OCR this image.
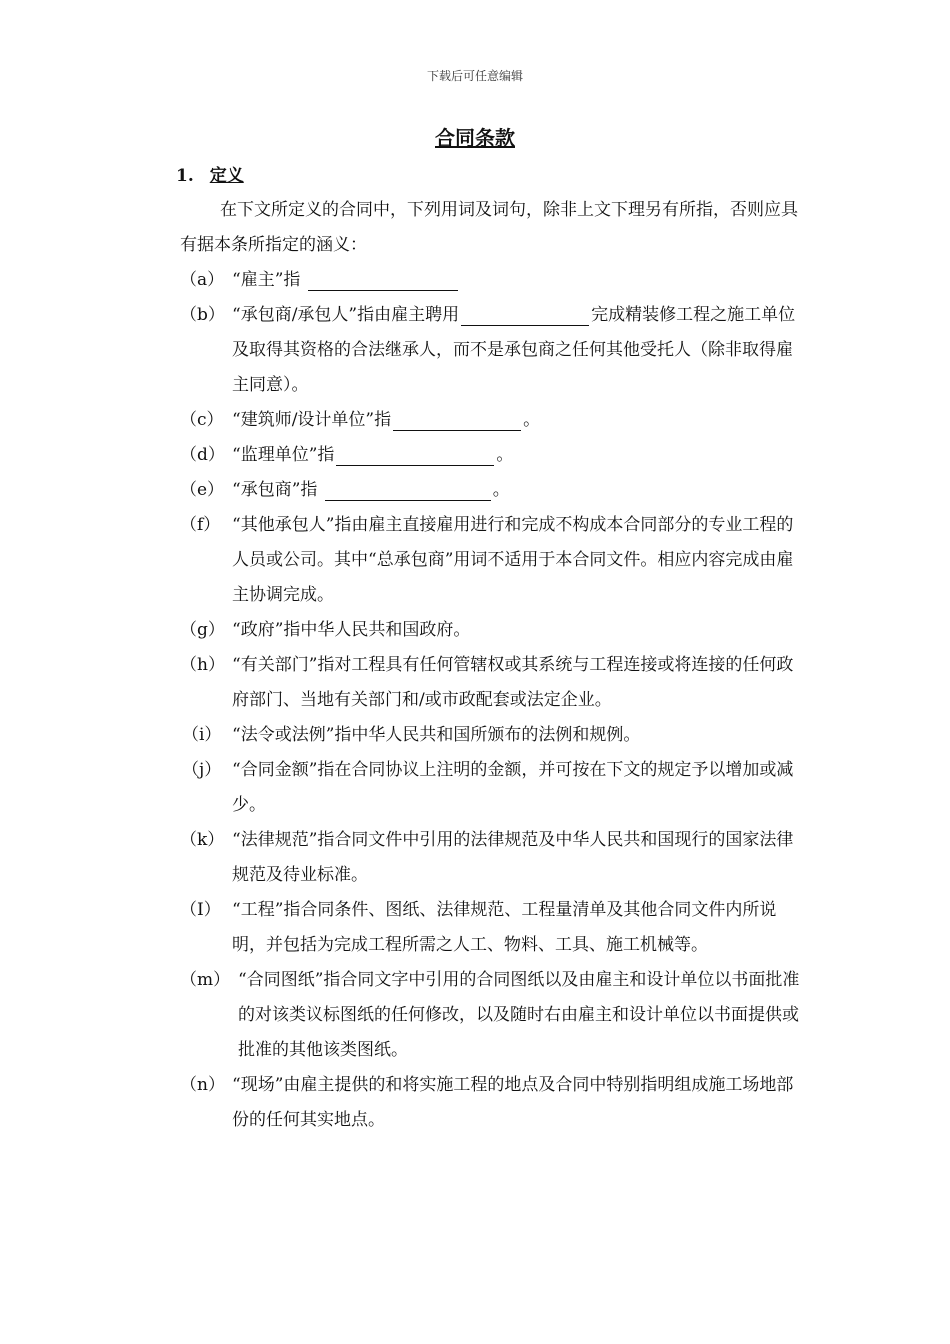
下载后可任意编辑
合同条款
1. 定义

在下文所定义的合同中，下列用词及词句，除非上文下理另有所指，否则应具有据本条所指定的涵义：

（a） “雇主”指
（b） “承包商/承包人”指由雇主聘用	完成精装修工程之施工单位及取得其资格的合法继承人，而不是承包商之任何其他受托人（除非取得雇主同意）。
（c） “建筑师/设计单位”指	。
（d） “监理单位”指	。
（e） “承包商”指	。
（f） “其他承包人”指由雇主直接雇用进行和完成不构成本合同部分的专业工程的人员或公司。其中“总承包商”用词不适用于本合同文件。相应内容完成由雇主协调完成。
（g） “政府”指中华人民共和国政府。
（h） “有关部门”指对工程具有任何管辖权或其系统与工程连接或将连接的任何政府部门、当地有关部门和/或市政配套或法定企业。
（i） “法令或法例”指中华人民共和国所颁布的法例和规例。
（j） “合同金额”指在合同协议上注明的金额，并可按在下文的规定予以增加或减少。
（k） “法律规范”指合同文件中引用的法律规范及中华人民共和国现行的国家法律规范及待业标准。
（I） “工程”指合同条件、图纸、法律规范、工程量清单及其他合同文件内所说明，并包括为完成工程所需之人工、物料、工具、施工机械等。
（m） “合同图纸”指合同文字中引用的合同图纸以及由雇主和设计单位以书面批准的对该类议标图纸的任何修改，以及随时右由雇主和设计单位以书面提供或批准的其他该类图纸。
（n） “现场”由雇主提供的和将实施工程的地点及合同中特别指明组成施工场地部份的任何其实地点。
